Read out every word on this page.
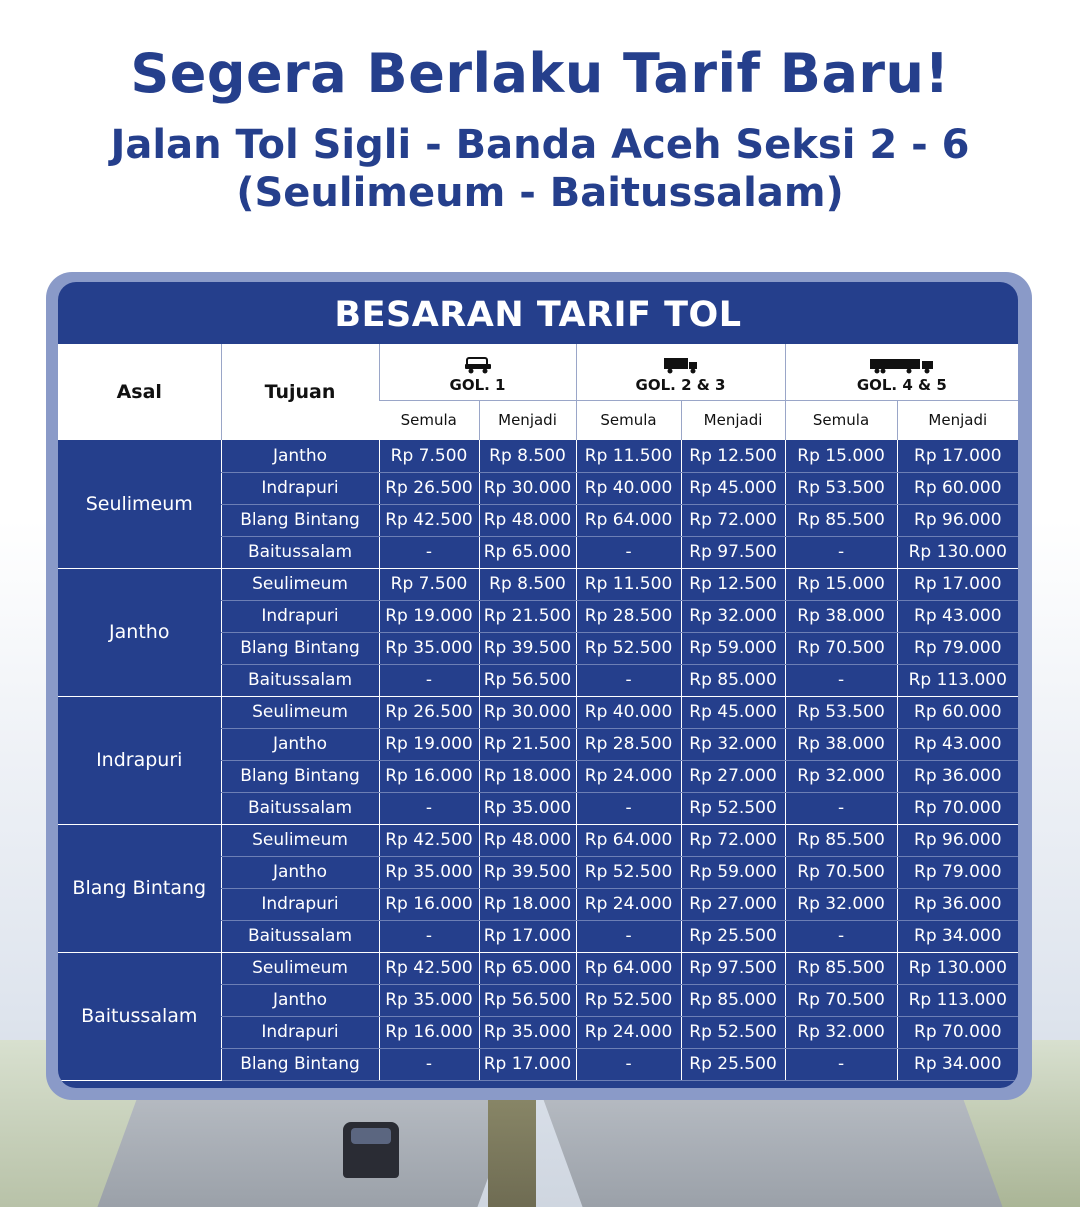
Segera Berlaku Tarif Baru!
Jalan Tol Sigli - Banda Aceh Seksi 2 - 6
(Seulimeum - Baitussalam)
BESARAN TARIF TOL
Asal	Tujuan	GOL. 1		GOL. 2 & 3		GOL. 4 & 5	
		Semula	Menjadi	Semula	Menjadi	Semula	Menjadi
Seulimeum	Jantho	Rp 7.500	Rp 8.500	Rp 11.500	Rp 12.500	Rp 15.000	Rp 17.000
	Indrapuri	Rp 26.500	Rp 30.000	Rp 40.000	Rp 45.000	Rp 53.500	Rp 60.000
	Blang Bintang	Rp 42.500	Rp 48.000	Rp 64.000	Rp 72.000	Rp 85.500	Rp 96.000
	Baitussalam	-	Rp 65.000	-	Rp 97.500	-	Rp 130.000
Jantho	Seulimeum	Rp 7.500	Rp 8.500	Rp 11.500	Rp 12.500	Rp 15.000	Rp 17.000
	Indrapuri	Rp 19.000	Rp 21.500	Rp 28.500	Rp 32.000	Rp 38.000	Rp 43.000
	Blang Bintang	Rp 35.000	Rp 39.500	Rp 52.500	Rp 59.000	Rp 70.500	Rp 79.000
	Baitussalam	-	Rp 56.500	-	Rp 85.000	-	Rp 113.000
Indrapuri	Seulimeum	Rp 26.500	Rp 30.000	Rp 40.000	Rp 45.000	Rp 53.500	Rp 60.000
	Jantho	Rp 19.000	Rp 21.500	Rp 28.500	Rp 32.000	Rp 38.000	Rp 43.000
	Blang Bintang	Rp 16.000	Rp 18.000	Rp 24.000	Rp 27.000	Rp 32.000	Rp 36.000
	Baitussalam	-	Rp 35.000	-	Rp 52.500	-	Rp 70.000
Blang Bintang	Seulimeum	Rp 42.500	Rp 48.000	Rp 64.000	Rp 72.000	Rp 85.500	Rp 96.000
	Jantho	Rp 35.000	Rp 39.500	Rp 52.500	Rp 59.000	Rp 70.500	Rp 79.000
	Indrapuri	Rp 16.000	Rp 18.000	Rp 24.000	Rp 27.000	Rp 32.000	Rp 36.000
	Baitussalam	-	Rp 17.000	-	Rp 25.500	-	Rp 34.000
Baitussalam	Seulimeum	Rp 42.500	Rp 65.000	Rp 64.000	Rp 97.500	Rp 85.500	Rp 130.000
	Jantho	Rp 35.000	Rp 56.500	Rp 52.500	Rp 85.000	Rp 70.500	Rp 113.000
	Indrapuri	Rp 16.000	Rp 35.000	Rp 24.000	Rp 52.500	Rp 32.000	Rp 70.000
	Blang Bintang	-	Rp 17.000	-	Rp 25.500	-	Rp 34.000
